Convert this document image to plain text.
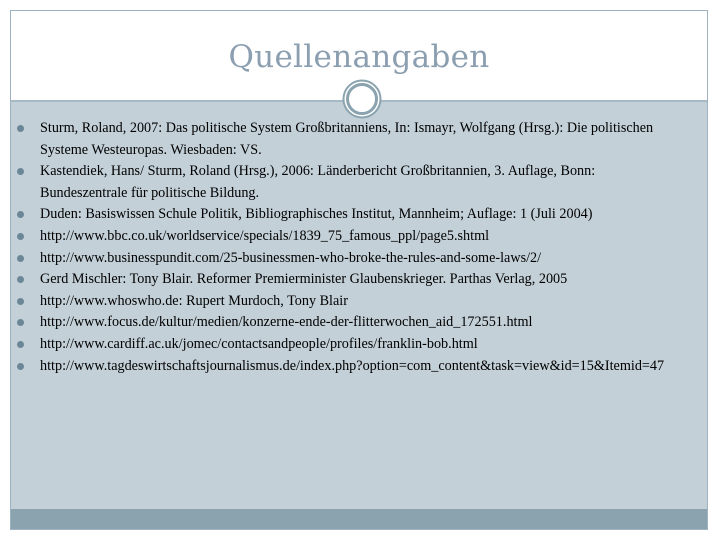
Quellenangaben
Sturm, Roland, 2007: Das politische System Großbritanniens, In: Ismayr, Wolfgang (Hrsg.): Die politischen Systeme Westeuropas. Wiesbaden: VS.
Kastendiek, Hans/ Sturm, Roland (Hrsg.), 2006: Länderbericht Großbritannien, 3. Auflage, Bonn: Bundeszentrale für politische Bildung.
Duden: Basiswissen Schule Politik, Bibliographisches Institut, Mannheim; Auflage: 1 (Juli 2004)
http://www.bbc.co.uk/worldservice/specials/1839_75_famous_ppl/page5.shtml
http://www.businesspundit.com/25-businessmen-who-broke-the-rules-and-some-laws/2/
Gerd Mischler: Tony Blair. Reformer Premierminister Glaubenskrieger. Parthas Verlag, 2005
http://www.whoswho.de: Rupert Murdoch, Tony Blair
http://www.focus.de/kultur/medien/konzerne-ende-der-flitterwochen_aid_172551.html
http://www.cardiff.ac.uk/jomec/contactsandpeople/profiles/franklin-bob.html
http://www.tagdeswirtschaftsjournalismus.de/index.php?option=com_content&task=view&id=15&Itemid=47
